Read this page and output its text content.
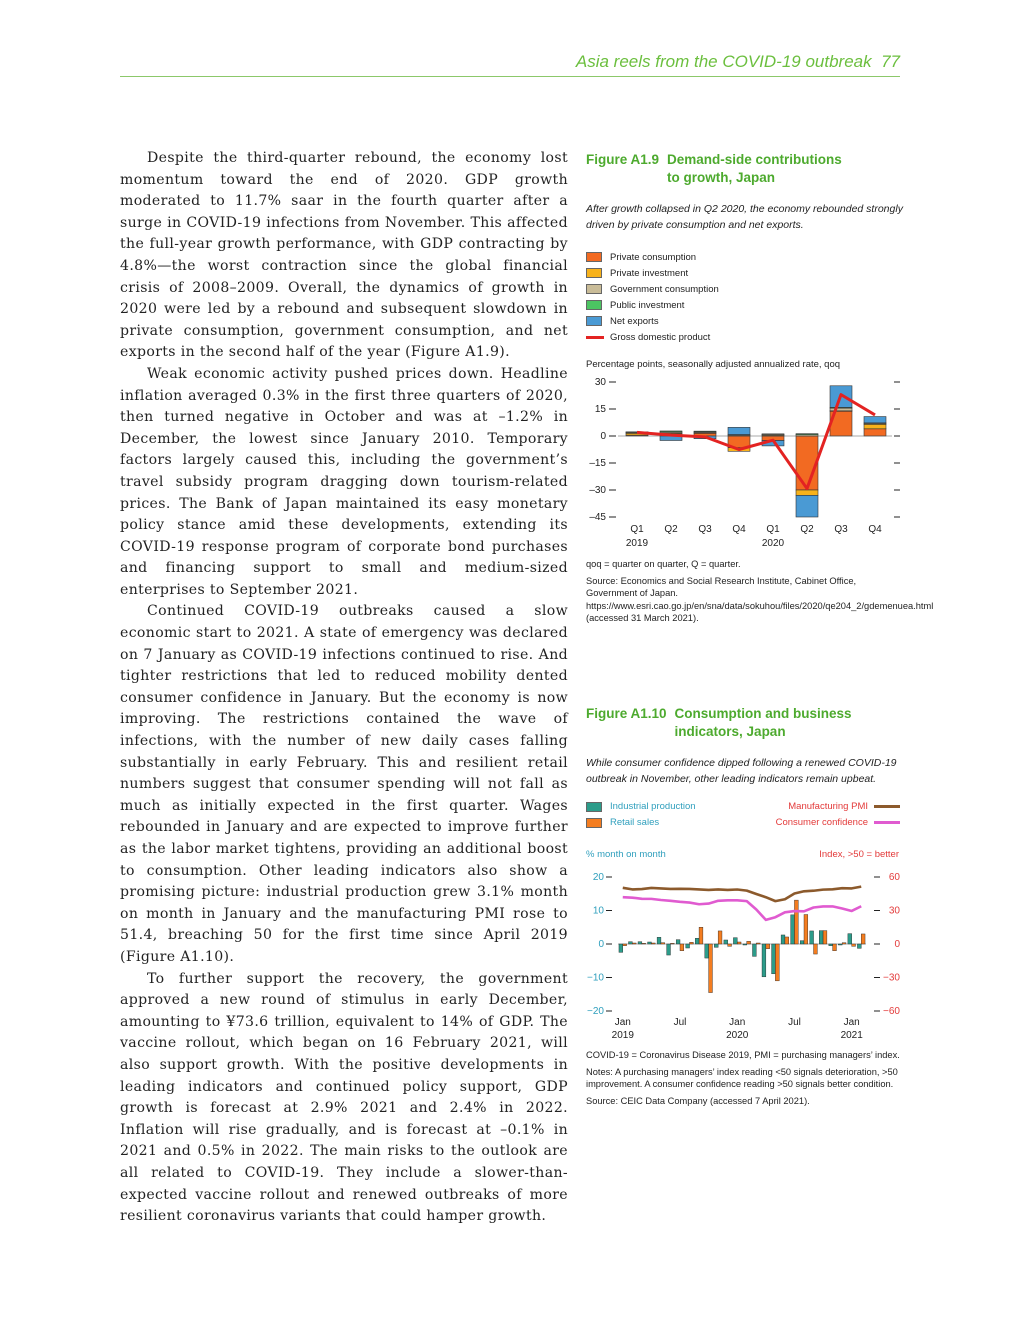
Asia reels from the COVID-19 outbreak 77

Despite the third-quarter rebound, the economy lost momentum toward the end of 2020. GDP growth moderated to 11.7% saar in the fourth quarter after a surge in COVID-19 infections from November. This affected the full-year growth performance, with GDP contracting by 4.8%—the worst contraction since the global financial crisis of 2008–2009. Overall, the dynamics of growth in 2020 were led by a rebound and subsequent slowdown in private consumption, government consumption, and net exports in the second half of the year (Figure A1.9).

Weak economic activity pushed prices down. Headline inflation averaged 0.3% in the first three quarters of 2020, then turned negative in October and was at –1.2% in December, the lowest since January 2010. Temporary factors largely caused this, including the government’s travel subsidy program dragging down tourism-related prices. The Bank of Japan maintained its easy monetary policy stance amid these developments, extending its COVID-19 response program of corporate bond purchases and financing support to small and medium-sized enterprises to September 2021.

Continued COVID-19 outbreaks caused a slow economic start to 2021. A state of emergency was declared on 7 January as COVID-19 infections continued to rise. And tighter restrictions that led to reduced mobility dented consumer confidence in January. But the economy is now improving. The restrictions contained the wave of infections, with the number of new daily cases falling substantially in early February. This and resilient retail numbers suggest that consumer spending will not fall as much as initially expected in the first quarter. Wages rebounded in January and are expected to improve further as the labor market tightens, providing an additional boost to consumption. Other leading indicators also show a promising picture: industrial production grew 3.1% month on month in January and the manufacturing PMI rose to 51.4, breaching 50 for the first time since April 2019 (Figure A1.10).

To further support the recovery, the government approved a new round of stimulus in early December, amounting to ¥73.6 trillion, equivalent to 14% of GDP. The vaccine rollout, which began on 16 February 2021, will also support growth. With the positive developments in leading indicators and continued policy support, GDP growth is forecast at 2.9% 2021 and 2.4% in 2022. Inflation will rise gradually, and is forecast at –0.1% in 2021 and 0.5% in 2022. The main risks to the outlook are all related to COVID-19. They include a slower-than-expected vaccine rollout and renewed outbreaks of more resilient coronavirus variants that could hamper growth.

Figure A1.9 Demand-side contributions to growth, Japan
After growth collapsed in Q2 2020, the economy rebounded strongly driven by private consumption and net exports.
Private consumption
Private investment
Government consumption
Public investment
Net exports
Gross domestic product
Percentage points, seasonally adjusted annualized rate, qoq
30
15
0
–15
–30
–45
Q1 Q2 Q3 Q4 Q1 Q2 Q3 Q4
2019	2020

qoq = quarter on quarter, Q = quarter.

Source: Economics and Social Research Institute, Cabinet Office, Government of Japan. https://www.esri.cao.go.jp/en/sna/data/sokuhou/files/2020/qe204_2/gdemenuea.html (accessed 31 March 2021).

Figure A1.10 Consumption and business indicators, Japan
While consumer confidence dipped following a renewed COVID-19 outbreak in November, other leading indicators remain upbeat.
Industrial production
Retail sales
Manufacturing PMI
Consumer confidence
% month on month	Index, >50 = better
20
10
0
−10
−20
60
30
0
−30
−60
Jan	Jul	Jan	Jul	Jan
2019	2020	2021

COVID-19 = Coronavirus Disease 2019, PMI = purchasing managers’ index.

Notes: A purchasing managers’ index reading <50 signals deterioration, >50 improvement. A consumer confidence reading >50 signals better condition.

Source: CEIC Data Company (accessed 7 April 2021).
